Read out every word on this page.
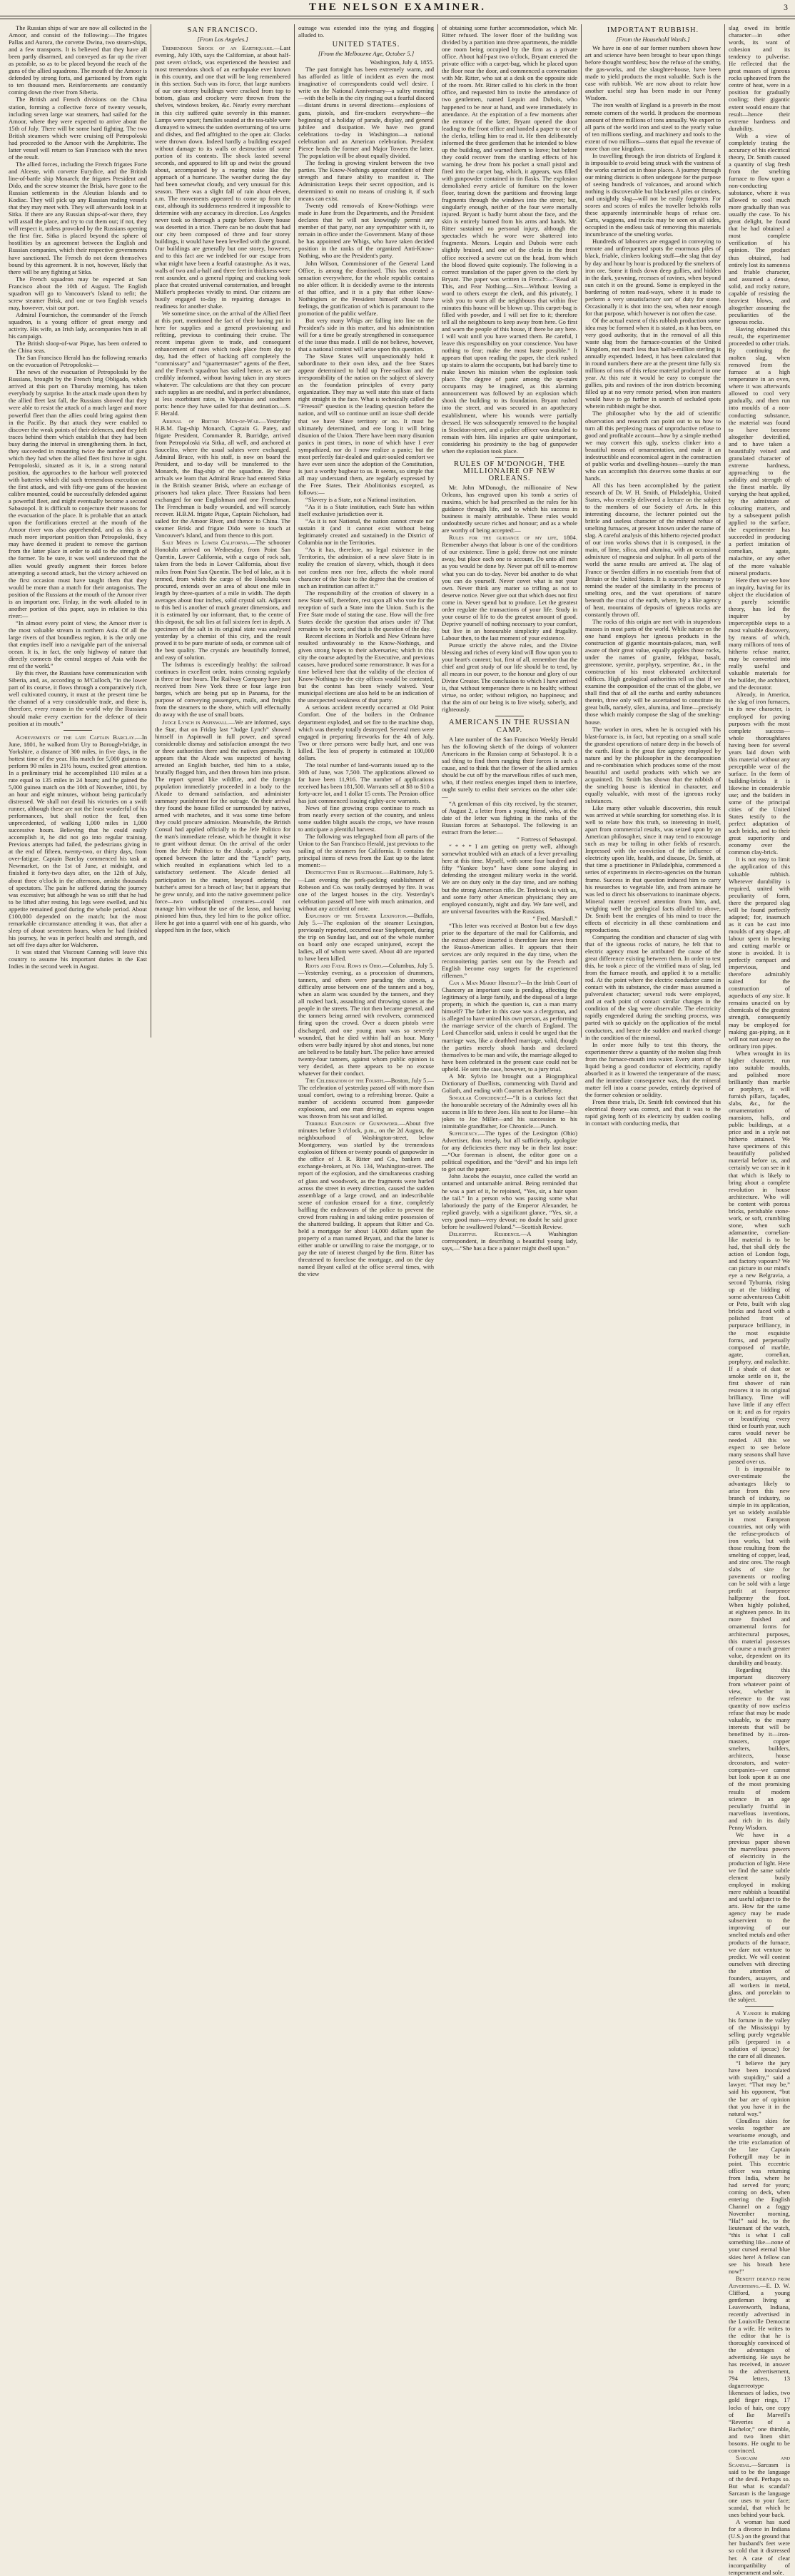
THE NELSON EXAMINER.	3

The Russian ships of war are now all collected in the Amoor, and consist of the following:—The frigates Pallas and Aurora, the corvette Dwina, two steam-ships, and a few transports. It is believed that they have all been partly disarmed, and conveyed as far up the river as possible, so as to be placed beyond the reach of the guns of the allied squadrons. The mouth of the Amoor is defended by strong forts, and garrisoned by from eight to ten thousand men. Reinforcements are constantly coming down the river from Siberia.

The British and French divisions on the China station, forming a collective force of twenty vessels, including seven large war steamers, had sailed for the Amoor, where they were expected to arrive about the 15th of July. There will be some hard fighting. The two British steamers which were cruising off Petropoloski had proceeded to the Amoor with the Amphitrite. The latter vessel will return to San Francisco with the news of the result.

The allied forces, including the French frigates Forte and Alceste, with corvette Eurydice, and the British line-of-battle ship Monarch; the frigates President and Dido, and the screw steamer the Brisk, have gone to the Russian settlements in the Aleutian Islands and to Kodiac. They will pick up any Russian trading vessels that they may meet with. They will afterwards look in at Sitka. If there are any Russian ships-of-war there, they will assail the place, and try to cut them out; if not, they will respect it, unless provoked by the Russians opening the first fire. Sitka is placed beyond the sphere of hostilities by an agreement between the English and Russian companies, which their respective governments have sanctioned. The French do not deem themselves bound by this agreement. It is not, however, likely that there will be any fighting at Sitka.

The French squadron may be expected at San Francisco about the 10th of August. The English squadron will go to Vancouver's Island to refit; the screw steamer Brisk, and one or two English vessels may, however, visit our port.

Admiral Fournichon, the commander of the French squadron, is a young officer of great energy and activity. His wife, an Irish lady, accompanies him in all his campaign.

The British sloop-of-war Pique, has been ordered to the China seas.

The San Francisco Herald has the following remarks on the evacuation of Petropoloski:—

The news of the evacuation of Petropoloski by the Russians, brought by the French brig Obligado, which arrived at this port on Thursday morning, has taken everybody by surprise. In the attack made upon them by the allied fleet last fall, the Russians showed that they were able to resist the attack of a much larger and more powerful fleet than the allies could bring against them in the Pacific. By that attack they were enabled to discover the weak points of their defences, and they left traces behind them which establish that they had been busy during the interval in strengthening them. In fact, they succeeded in mounting twice the number of guns which they had when the allied fleet first hove in sight. Petropoloski, situated as it is, in a strong natural position, the approaches to the harbour well protected with batteries which did such tremendous execution on the first attack, and with fifty-one guns of the heaviest calibre mounted, could be successfully defended against a powerful fleet, and might eventually become a second Sabastopol. It is difficult to conjecture their reasons for the evacuation of the place. It is probable that an attack upon the fortifications erected at the mouth of the Amoor river was also apprehended, and as this is a much more important position than Petropoloski, they may have deemed it prudent to remove the garrison from the latter place in order to add to the strength of the former. To be sure, it was well understood that the allies would greatly augment their forces before attempting a second attack, but the victory achieved on the first occasion must have taught them that they would be more than a match for their antagonists. The position of the Russians at the mouth of the Amoor river is an important one. Finlay, in the work alluded to in another portion of this paper, says in relation to this river:—

“In almost every point of view, the Amoor river is the most valuable stream in northern Asia. Of all the large rivers of that boundless region, it is the only one that empties itself into a navigable part of the universal ocean. It is, in fact, the only highway of nature that directly connects the central steppes of Asia with the rest of the world.”

By this river, the Russians have communication with Siberia, and, as, according to M'Culloch, “in the lower part of its course, it flows through a comparatively rich, well cultivated country, it must at the present time be the channel of a very considerable trade, and there is, therefore, every reason in the world why the Russians should make every exertion for the defence of their position at its mouth.”

Achievements of the late Captain Barclay.—In June, 1801, he walked from Ury to Borough-bridge, in Yorkshire, a distance of 300 miles, in five days, in the hottest time of the year. His match for 5,000 guineas to perform 90 miles in 21½ hours, excited great attention. In a preliminary trial he accomplished 110 miles at a rate equal to 135 miles in 24 hours; and he gained the 5,000 guinea match on the 10th of November, 1801, by an hour and eight minutes, without being particularly distressed. We shall not detail his victories on a swift runner, although these are not the least wonderful of his performances, but shall notice the feat, then unprecedented, of walking 1,000 miles in 1,000 successive hours. Believing that he could easily accomplish it, he did not go into regular training. Previous attempts had failed, the pedestrians giving in at the end of fifteen, twenty-two, or thirty days, from over-fatigue. Captain Barclay commenced his task at Newmarket, on the 1st of June, at midnight, and finished it forty-two days after, on the 12th of July, about three o'clock in the afternoon, amidst thousands of spectators. The pain he suffered during the journey was excessive; but although he was so stiff that he had to be lifted after resting, his legs were swelled, and his appetite remained good during the whole period. About £100,000 depended on the match; but the most remarkable circumstance attending it was, that after a sleep of about seventeen hours, when he had finished his journey, he was in perfect health and strength, and set off five days after for Walcheren.

It was stated that Viscount Canning will leave this country to assume his important duties in the East Indies in the second week in August.

SAN FRANCISCO.

[From Los Angeles.]

Tremendous Shock of an Earthquake.—Last evening, July 10th, says the Californian, at about half-past seven o'clock, was experienced the heaviest and most tremendous shock of an earthquake ever known in this country, and one that will be long remembered in this section. Such was its force, that large numbers of our one-storey buildings were cracked from top to bottom, glass and crockery were thrown from the shelves, windows broken, &c. Nearly every merchant in this city suffered quite severely in this manner. Lamps were upset; families seated at the tea-table were dismayed to witness the sudden overturning of tea urns and dishes, and fled affrighted to the open air. Clocks were thrown down. Indeed hardly a building escaped without damage to its walls or destruction of some portion of its contents. The shock lasted several seconds, and appeared to lift up and twist the ground about, accompanied by a roaring noise like the approach of a hurricane. The weather during the day had been somewhat cloudy, and very unusual for this season. There was a slight fall of rain about eleven, a.m. The movements appeared to come up from the east, although its suddenness rendered it impossible to determine with any accuracy its direction. Los Angeles never took so thorough a purge before. Every house was deserted in a trice. There can be no doubt that had our city been composed of three and four storey buildings, it would have been levelled with the ground. Our buildings are generally but one storey, however, and to this fact are we indebted for our escape from what might have been a fearful catastrophe. As it was, walls of two and a-half and three feet in thickness were rent asunder, and a general ripping and cracking took place that created universal consternation, and brought Müller's prophecies vividly to mind. Our citizens are busily engaged to-day in repairing damages in readiness for another shake.

We sometime since, on the arrival of the Allied fleet at this port, mentioned the fact of their having put in here for supplies and a general provisioning and refitting, previous to continuing their cruise. The recent impetus given to trade, and consequent enhancement of rates which took place from day to day, had the effect of backing off completely the “commissary” and “quartermaster” agents of the fleet, and the French squadron has sailed hence, as we are credibly informed, without having taken in any stores whatever. The calculations are that they can procure such supplies as are needful, and in perfect abundance, at less exorbitant rates, in Valparaiso and southern ports: hence they have sailed for that destination.—S. F. Herald.

Arrival of British Men-of-War.—Yesterday H.B.M. flag-ship Monarch, Captain G. Patey, and frigate President, Commander R. Burridge, arrived from Petropoloski via Sitka, all well, and anchored at Saucelito, where the usual salutes were exchanged. Admiral Bruce, with his staff, is now on board the President, and to-day will be transferred to the Monarch, the flag-ship of the squadron. By these arrivals we learn that Admiral Bruce had entered Sitka in the British steamer Brisk, where an exchange of prisoners had taken place. Three Russians had been exchanged for one Englishman and one Frenchman. The Frenchman is badly wounded, and will scarcely recover. H.B.M. frigate Pique, Captain Nicholson, had sailed for the Amoor River, and thence to China. The steamer Brisk and frigate Dido were to touch at Vancouver's Island, and from thence to this port.

Salt Mines in Lower California.—The schooner Honolulu arrived on Wednesday, from Point San Quentin, Lower California, with a cargo of rock salt, taken from the beds in Lower California, about five miles from Point San Quentin. The bed of lake, as it is termed, from which the cargo of the Honolulu was procured, extends over an area of about one mile in length by three-quarters of a mile in width. The depth averages about four inches, solid crystal salt. Adjacent to this bed is another of much greater dimensions, and it is estimated by our informant, that, to the centre of this deposit, the salt lies at full sixteen feet in depth. A specimen of the salt in its original state was analysed yesterday by a chemist of this city, and the result proved it to be pure muriate of soda, or common salt of the best quality. The crystals are beautifully formed, and easy of solution.

The Isthmus is exceedingly healthy: the railroad continues in excellent order, trains crossing regularly in three or four hours. The Railway Company have just received from New York three or four large iron barges, which are being put up in Panama, for the purpose of conveying passengers, mails, and freights from the steamers to the shore, which will effectually do away with the use of small boats.

Judge Lynch in Aspinwall.—We are informed, says the Star, that on Friday last “Judge Lynch” showed himself in Aspinwall in full power, and spread considerable dismay and satisfaction amongst the two or three authorities there and the natives generally. It appears that the Alcade was suspected of having arrested an English butcher, tied him to a stake, brutally flogged him, and then thrown him into prison. The report spread like wildfire, and the foreign population immediately proceeded in a body to the Alcade to demand satisfaction, and administer summary punishment for the outrage. On their arrival they found the house filled or surrounded by natives, armed with machetes, and it was some time before they could procure admission. Meanwhile, the British Consul had applied officially to the Jefe Politico for the man's immediate release, which he thought it wise to grant without demur. On the arrival of the order from the Jefe Politico to the Alcade, a parley was opened between the latter and the “Lynch” party, which resulted in explanations which led to a satisfactory settlement. The Alcade denied all participation in the matter, beyond ordering the butcher's arrest for a breach of law; but it appears that he grew unruly, and into the native government police force—two undisciplined creatures—could not manage him without the use of the lasso, and having pinioned him thus, they led him to the police office. Here he got into a quarrel with one of his guards, who slapped him in the face, which

outrage was extended into the tying and flogging alluded to.

UNITED STATES.

[From the Melbourne Age, October 5.]

Washington, July 4, 1855.

The past fortnight has been extremely warm, and has afforded as little of incident as even the most imaginative of correspondents could well desire. I write on the National Anniversary—a sultry morning—with the bells in the city ringing out a fearful discord—distant drums in several directions—explosions of guns, pistols, and fire-crackers everywhere—the beginning of a holiday of parade, display, and general jubilee and dissipation. We have two grand celebrations to-day in Washington—a national celebration and an American celebration. President Pierce heads the former and Major Towers the latter. The population will be about equally divided.

The feeling is growing virulent between the two parties. The Know-Nothings appear confident of their strength and future ability to manifest it. The Administration keeps their secret opposition, and is determined to omit no means of crushing it, if such means can exist.

Twenty odd removals of Know-Nothings were made in June from the Departments, and the President declares that he will not knowingly permit any member of that party, nor any sympathizer with it, to remain in office under the Government. Many of those he has appointed are Whigs, who have taken decided position in the ranks of the organized Anti-Know-Nothing, who are the President's party.

John Wilson, Commissioner of the General Land Office, is among the dismissed. This has created a sensation everywhere, for the whole republic contains no abler officer. It is decidedly averse to the interests of that office, and it is a pity that either Know-Nothingism or the President himself should have feelings, the gratification of which is paramount to the promotion of the public welfare.

But very many Whigs are falling into line on the President's side in this matter, and his administration will for a time be greatly strengthened in consequence of the issue thus made. I still do not believe, however, that a national contest will arise upon this question.

The Slave States will unquestionably hold it subordinate to their own idea, and the free States appear determined to hold up Free-soilism and the irresponsibility of the nation on the subject of slavery as the foundation principles of every party organization. They may as well state this state of facts right straight in the face. What is technically called the “Freesoil” question is the leading question before the nation, and will so continue until an issue shall decide that we have Slave territory or no. It must be ultimately determined, and ere long it will bring disunion of the Union. There have been many disunion panics in past times, in none of which have I ever sympathized, nor do I now realize a panic; but the most perfectly fair-dealed and quiet-souled comfort we have ever seen since the adoption of the Constitution, is just a worthy bugbear to us. It seems, so simple that all may understand them, are regularly expressed by the Free States. Their Abolitionists excepted, as follows:—

“Slavery is a State, not a National institution.

“As it is a State institution, each State has within itself exclusive jurisdiction over it.

“As it is not National, the nation cannot create nor sustain it (and it cannot exist without being legitimately created and sustained) in the District of Columbia nor in the Territories.

“As it has, therefore, no legal existence in the Territories, the admission of a new slave State is in reality the creation of slavery, which, though it does not confess men nor free, affects the whole moral character of the State to the degree that the creation of such an institution can affect it.”

The responsibility of the creation of slavery in a new State will, therefore, rest upon all who vote for the reception of such a State into the Union. Such is the Free State mode of stating the case. How will the free States decide the question that arises under it? That remains to be seen; and that is the question of the day.

Recent elections in Norfolk and New Orleans have resulted unfavourably to the Know-Nothings, and given strong hopes to their adversaries; which in this city the course adopted by the Executive, and previous causes, have produced some remonstrance. It was for a time believed here that the validity of the election of Know-Nothings to the city offices would be contested, but the contest has been wisely waived. Your municipal elections are also held to be an indication of the unexpected weakness of that party.

A serious accident recently occurred at Old Point Comfort. One of the boilers in the Ordnance department exploded, and set fire to the machine shop, which was thereby totally destroyed. Several men were engaged in preparing fireworks for the 4th of July. Two or three persons were badly hurt, and one was killed. The loss of property is estimated at 100,000 dollars.

The total number of land-warrants issued up to the 30th of June, was 7,500. The applications allowed so far have been 11,916. The number of applications received has been 181,500. Warrants sell at $8 to $10 a forty-acre lot, and 1 dollar 15 cents. The Pension office has just commenced issuing eighty-acre warrants.

News of fine growing crops continue to reach us from nearly every section of the country, and unless some sudden blight assails the crops, we have reason to anticipate a plentiful harvest.

The following was telegraphed from all parts of the Union to the San Francisco Herald, just previous to the sailing of the steamers for California. It contains the principal items of news from the East up to the latest moment:—

Destructive Fire in Baltimore.—Baltimore, July 5.—Last evening the pork-packing establishment of Robeson and Co. was totally destroyed by fire. It was one of the largest houses in the city. Yesterday's celebration passed off here with much animation, and without any accident of note.

Explosion of the Steamer Lexington.—Buffalo, July 5.—The explosion of the steamer Lexington, previously reported, occurred near Stephenport, during the trip on Sunday last, and out of the whole number on board only one escaped uninjured, except the ladies, all of whom were saved. About 40 are reported to have been killed.

Riots and Fatal Rows in Ohio.—Columbus, July 5.—Yesterday evening, as a procession of drummers, tanners, and others were parading the streets, a difficulty arose between one of the tanners and a boy, when an alarm was sounded by the tanners, and they all rushed back, assaulting and throwing stones at the people in the streets. The riot then became general, and the tanners being armed with revolvers, commenced firing upon the crowd. Over a dozen pistols were discharged, and one young man was so severely wounded, that he died within half an hour. Many others were badly injured by shot and stones, but none are believed to be fatally hurt. The police have arrested twenty-four tanners, against whom public opinion is very decided, as there appears to be no excuse whatever for their conduct.

The Celebration of the Fourth.—Boston, July 5.—The celebration of yesterday passed off with more than usual comfort, owing to a refreshing breeze. Quite a number of accidents occurred from gunpowder explosions, and one man driving an express wagon was thrown from his seat and killed.

Terrible Explosion of Gunpowder.—About five minutes before 3 o'clock, p.m., on the 2d August, the neighbourhood of Washington-street, below Montgomery, was startled by the tremendous explosion of fifteen or twenty pounds of gunpowder in the office of J. R. Ritter and Co., bankers and exchange-brokers, at No. 134, Washington-street. The report of the explosion, and the simultaneous crashing of glass and woodwork, as the fragments were hurled across the street in every direction, caused the sudden assemblage of a large crowd, and an indescribable scene of confusion ensued for a time, completely baffling the endeavours of the police to prevent the crowd from rushing in and taking entire possession of the shattered building. It appears that Ritter and Co. held a mortgage for about 14,000 dollars upon the property of a man named Bryant, and that the latter is either unable or unwilling to raise the mortgage, or to pay the rate of interest charged by the firm. Ritter has threatened to foreclose the mortgage, and on the day named Bryant called at the office several times, with the view

of obtaining some further accommodation, which Mr. Ritter refused. The lower floor of the building was divided by a partition into three apartments, the middle one room being occupied by the firm as a private office. About half-past two o'clock, Bryant entered the private office with a carpet-bag, which he placed upon the floor near the door, and commenced a conversation with Mr. Ritter, who sat at a desk on the opposite side of the room. Mr. Ritter called to his clerk in the front office, and requested him to invite the attendance of two gentlemen, named Lequin and Dubois, who happened to be near at hand, and were immediately in attendance. At the expiration of a few moments after the entrance of the latter, Bryant opened the door leading to the front office and handed a paper to one of the clerks, telling him to read it. He then deliberately informed the three gentlemen that he intended to blow up the building, and warned them to leave; but before they could recover from the startling effects of his warning, he drew from his pocket a small pistol and fired into the carpet bag, which, it appears, was filled with gunpowder contained in tin flasks. The explosion demolished every article of furniture on the lower floor, tearing down the partitions and throwing large fragments through the windows into the street; but, singularly enough, neither of the four were mortally injured. Bryant is badly burnt about the face, and the skin is entirely burned from his arms and hands. Mr. Ritter sustained no personal injury, although the spectacles which he wore were shattered into fragments. Messrs. Lequin and Dubois were each slightly bruised, and one of the clerks in the front office received a severe cut on the head, from which the blood flowed quite copiously. The following is a correct translation of the paper given to the clerk by Bryant. The paper was written in French:—“Read all This, and Fear Nothing.—Sirs—Without leaving a word to others except the clerk, and this privately, I wish you to warn all the neighbours that within five minutes this house will be blown up. This carpet-bag is filled with powder, and I will set fire to it; therefore tell all the neighbours to keep away from here. Go first and warn the people of this house, if there be any here. I will wait until you have warned them. Be careful, I leave this responsibility on your conscience. You have nothing to fear; make the most haste possible.” It appears that upon reading the paper, the clerk rushed up stairs to alarm the occupants, but had barely time to make known his mission when the explosion took place. The degree of panic among the up-stairs occupants may be imagined, as this alarming announcement was followed by an explosion which shook the building to its foundation. Bryant rushed into the street, and was secured in an apothecary establishment, where his wounds were partially dressed. He was subsequently removed to the hospital in Stockton-street, and a police officer was detailed to remain with him. His injuries are quite unimportant, considering his proximity to the bag of gunpowder when the explosion took place.

RULES OF M'DONOGH, THE MILLIONAIRE OF NEW ORLEANS.

Mr. John M'Donogh, the millionaire of New Orleans, has engraved upon his tomb a series of maxims, which he had prescribed as the rules for his guidance through life, and to which his success in business is mainly attributable. These rules would undoubtedly secure riches and honour; and as a whole are worthy of being accepted:—

Rules for the guidance of my life, 1804. Remember always that labour is one of the conditions of our existence. Time is gold; throw not one minute away, but place each one to account. Do unto all men as you would be done by. Never put off till to-morrow what you can do to-day. Never bid another to do what you can do yourself. Never covet what is not your own. Never think any matter so trifling as not to deserve notice. Never give out that which does not first come in. Never spend but to produce. Let the greatest order regulate the transactions of your life. Study in your course of life to do the greatest amount of good. Deprive yourself of nothing necessary to your comfort, but live in an honourable simplicity and frugality. Labour then, to the last moment of your existence.

Pursue strictly the above rules, and the Divine blessing and riches of every kind will flow upon you to your heart's content; but, first of all, remember that the chief and great study of our life should be to tend, by all means in our power, to the honour and glory of our Divine Creator. The conclusion to which I have arrived is, that without temperance there is no health; without virtue, no order; without religion, no happiness; and that the aim of our being is to live wisely, soberly, and righteously.

AMERICANS IN THE RUSSIAN CAMP.

A late number of the San Francisco Weekly Herald has the following sketch of the doings of volunteer Americans in the Russian camp at Sebastopol. It is a sad thing to find them ranging their forces in such a cause, and to think that the flower of the allied armies should be cut off by the marvellous rifles of such men, who, if their restless energies impel them to interfere, ought surely to enlist their services on the other side:—

“A gentleman of this city received, by the steamer, of August 2, a letter from a young friend, who, at the date of the letter was fighting in the ranks of the Russian forces at Sebastopol. The following is an extract from the letter:—

“ Fortress of Sebastopol.

“ * * * I am getting on pretty well, although somewhat troubled with an attack of a fever prevailing here at this time. Myself, with some four hundred and fifty “Yankee boys” have done some slaying in defending the strongest military works in the world. We are on duty only in the day time, and are nothing but the strong American rifle. Dr. Tenbrook is with us, and some forty other American physicians; they are employed constantly, night and day. We fare well, and are universal favourites with the Russians.

“ Fred. Marshall.”

“This letter was received at Boston but a few days prior to the departure of the mail for California, and the extract above inserted is therefore late news from the Russo-American allies. It appears that their services are only required in the day time, when the reconnoitering parties sent out by the French and English become easy targets for the experienced riflemen.”

Can a Man Marry Himself?—In the Irish Court of Chancery an important case is pending, affecting the legitimacy of a large family, and the disposal of a large property, in which the question is, can a man marry himself? The father in this case was a clergyman, and is alleged to have united his own person, as performing the marriage service of the church of England. The Lord Chancellor said, unless it could be urged that the marriage was, like a deathbed marriage, valid, though the parties merely shook hands and declared themselves to be man and wife, the marriage alleged to have been celebrated in the present case could not be upheld. He sent the case, however, to a jury trial.

A Mr. Sylvio Ire brought out a Biographical Dictionary of Duellists, commencing with David and Goliath, and ending with Cournet an Barthélemy.

Singular Coincidence!—“It is a curious fact that the honourable secretary of the Admiralty owes all his success in life to three Joes. His seat to Joe Hume—his jokes to Joe Miller—and his succession to his inimitable grandfather, Joe Chronicle.—Punch.

Sufficiency.—The types of the Lexington (Ohio) Advertiser, thus tersely, but all sufficiently, apologize for any deficiencies there may be in their last issue:—“Our foreman is absent, the editor gone on a political expedition, and the “devil” and his imps left to get out the paper.

John Jacobs the essayist, once called the world an untamed and untamable animal. Being reminded that he was a part of it, he rejoined, “Yes, sir, a hair upon the tail.” In a person who was passing some what laboriously the patty of the Emperor Alexander, he replied gravely, with a significant glance, “Yes, sir, a very good man—very devout; no doubt he said grace before he swallowed Poland.”—Scottish Review.

Delightful Residence.—A Washington correspondent, in describing a beautiful young lady, says,—“She has a face a painter might dwell upon.”

IMPORTANT RUBBISH.

[From the Household Words.]

We have in one of our former numbers shown how art and science have been brought to bear upon things before thought worthless; how the refuse of the smithy, the gas-works, and the slaughter-house, have been made to yield products the most valuable. Such is the case with rubbish. We are now about to relate how another useful step has been made in our Penny Wisdom.

The iron wealth of England is a proverb in the most remote corners of the world. It produces the enormous amount of three millions of tons annually. We export to all parts of the world iron and steel to the yearly value of ten millions sterling, and machinery and tools to the extent of two millions—sums that equal the revenue of more than one kingdom.

In travelling through the iron districts of England it is impossible to avoid being struck with the vastness of the works carried on in those places. A journey through our mining districts is often undergone for the purpose of seeing hundreds of volcanoes, and around which nothing is discoverable but blackened piles or cinders, and unsightly slag—will not be easily forgotten. For scores and scores of miles the traveller beholds rolls these apparently interminable heaps of refuse ore. Carts, waggons, and trucks may be seen on all sides, occupied in the endless task of removing this materials incumbrance of the smelting works.

Hundreds of labourers are engaged in conveying to remote and unfrequented spots the enormous piles of black, friable, clinkers looking stuff—the slag that day by day and hour by hour is produced by the smelters of iron ore. Some it finds down deep gullies, and hidden in the dark, yawning, recesses of ravines, when beyond sun catch it on the ground. Some is employed in the bordering of rotten road-ways, where it is made to perform a very unsatisfactory sort of duty for stone. Occasionally it is shot into the sea, when near enough for that purpose, which however is not often the case.

Of the actual extent of this rubbish production some idea may be formed when it is stated, as it has been, on very good authority, that in the removal of all this waste slag from the furnace-counties of the United Kingdom, not much less than half-a-million sterling is annually expended. Indeed, it has been calculated that in round numbers there are at the present time fully six millions of tons of this refuse material produced in one year. At this rate it would be easy to compute the gullies, pits and ravines of the iron districts becoming filled up at no very remote period, when iron masters would have to go further in search of secluded spots wherein rubbish might be shot.

The philosopher who by the aid of scientific observation and research can point out to us how to turn all this perplexing mass of unproductive refuse to good and profitable account—how by a simple method we may convert this ugly, useless clinker into a beautiful means of ornamentation, and make it an indestructible and economical agent in the construction of public works and dwelling-houses—surely the man who can accomplish this deserves some thanks at our hands.

All this has been accomplished by the patient research of Dr. W. H. Smith, of Philadelphia, United States, who recently delivered a lecture on the subject to the members of our Society of Arts. In this interesting discourse, the lecturer pointed out the brittle and useless character of the mineral refuse of smelting furnaces, at present known under the name of slag. A careful analysis of this hitherto rejected product of our iron works shows that it is composed, in the main, of lime, silica, and alumina, with an occasional admixture of magnesia and sulphur. In all parts of the world the same results are arrived at. The slag of France or Sweden differs in no essentials from that of Britain or the United States. It is scarcely necessary to remind the reader of the similarity in the process of smelting ores, and the vast operations of nature beneath the crust of the earth, where, by a like agency of heat, mountains of deposits of igneous rocks are constantly thrown off.

The rocks of this origin are met with in stupendous masses in most parts of the world. While nature on the one hand employs her igneous products in the construction of gigantic mountain-palaces, man, well aware of their great value, equally applies those rocks, under the names of granite, feldspar, basalt, greenstone, syenite, porphyry, serpentine, &c., in the construction of his most elaborated architectural edifices. High geological authorities tell us that if we examine the composition of the crust of the globe, we shall find that of all the earths and earthy substances therein, three only will be ascertained to constitute its great bulk, namely, silex, alumina, and lime—precisely those which mainly compose the slag of the smelting-house.

The worker in ores, when he is occupied with his blast-furnace is, in fact, but repeating on a small scale the grandest operations of nature deep in the bowels of the earth. Heat is the great fire agency employed by nature and by the philosopher in the decomposition and re-combination which produces some of the most beautiful and useful products with which we are acquainted. Dr. Smith has shown that the rubbish of the smelting house is identical in character, and equally valuable, with most of the igneous rocky substances.

Like many other valuable discoveries, this result was arrived at while searching for something else. It is well to relate how this truth, so interesting in itself, apart from commercial results, was seized upon by an American philosopher, since it may tend to encourage such as may be toiling in other fields of research. Impressed with the conviction of the influence of electricity upon life, health, and disease, Dr. Smith, at that time a practitioner in Philadelphia, commenced a series of experiments in electro-agencies on the human frame. Success in that question induced him to carry his researches to vegetable life, and from animate he was led to direct his observations to inanimate objects. Mineral matter received attention from him, and, weighing well the geological facts alluded to above, Dr. Smith bent the energies of his mind to trace the effects of electricity in all these combinations and reproductions.

Comparing the condition and character of slag with that of the igneous rocks of nature, he felt that to electric agency must be attributed the cause of the great difference existing between them. In order to test this, he took a piece of the vitrified mass of slag, led from the furnace mouth, and applied it to a metallic rod. At the point where the electric conductor came in contact with its substance, the cinder mass assumed a pulverulent character; several rods were employed, and at each point of contact similar changes in the condition of the slag were observable. The electricity rapidly engendered during the smelting process, was parted with so quickly on the application of the metal conductors, and hence the sudden and marked change in the condition of the mineral.

In order more fully to test this theory, the experimenter threw a quantity of the molten slag fresh from the furnace-mouth into water. Every atom of the liquid being a good conductor of electricity, rapidly absorbed it as it lowered the temperature of the mass; and the immediate consequence was, that the mineral matter fell into a coarse powder, entirely deprived of the former cohesion or solidity.

From these trials, Dr. Smith felt convinced that his electrical theory was correct, and that it was to the rapid giving forth of its electricity by sudden cooling in contact with conducting media, that

slag owed its brittle character—in other words, its want of cohesion and its tendency to pulverise. He reflected that the great masses of igneous rocks upheaved from the centre of heat, were in a position for gradually cooling; their gigantic extent would ensure that result—hence their extreme hardness and durability.

With a view of completely testing the accuracy of his electrical theory, Dr. Smith caused a quantity of slag fresh from the smelting furnace to flow upon a non-conducting substance, where it was allowed to cool much more gradually than was usually the case. To his great delight, he found that he had obtained a most complete verification of his opinion. The product thus obtained, had entirely lost its sameness and friable character, and assumed a dense, solid, and rocky nature, capable of resisting the heaviest blows, and altogether assuming the peculiarities of the igneous rocks.

Having obtained this result, the experimenter proceeded to other trials. By continuing the molten slag, when removed from the furnace at a high temperature in an oven, where it was afterwards allowed to cool very gradually, and then run into moulds of a non-conducting substance, the material was found to have become altogether devitrified, and to have taken a beautifully veined and granulated character of extreme hardness, approaching to the solidity and strength of the finest marble. By varying the heat applied, by the admixture of colouring matters, and by a subsequent polish applied to the surface, the experimenter has succeeded in producing a perfect imitation of cornelian, agate, malachite, or any other of the more valuable mineral products.

Here then we see how an inquiry, having for its object the elucidation of a purely scientific theory, has led the inquirer by imperceptible steps to a most valuable discovery, by means of which, many millions of tons of hitherto refuse matter, may be converted into really useful and valuable materials for the builder, the architect, and the decorator.

Already, in America, the slag of iron furnaces, in its new character, is employed for paving purposes with the most complete success—whole thoroughfares having been for several years laid down with this material without any perceptible wear of the surface. In the form of building-bricks it is likewise in considerable use; and the builders in some of the principal cities of the United States testify to the perfect adaptation of such bricks, and to their great superiority and economy over the common clay-brick.

It is not easy to limit the application of this valuable rubbish. Wherever durability is required, united with peculiarity of form, there the prepared slag will be found perfectly adapted; for, inasmuch as it can be cast into moulds of any shape, all labour spent in hewing and cutting marble or stone is avoided. It is perfectly compact and impervious, and therefore admirably suited for the construction of aqueducts of any size. It remains unacted on by chemicals of the greatest strength, consequently may be employed for making gas-piping, as it will not rust away on the ordinary iron pipes.

When wrought in its higher character, run into suitable moulds, and polished more brilliantly than marble or porphyry, it will furnish pillars, façades, slabs, &c., for the ornamentation of mansions, halls, and public buildings, at a price and in a style not hitherto attained. We have specimens of this beautifully polished material before us, and certainly we can see in it that which is likely to bring about a complete revolution in house architecture. Who will be content with porous bricks, perishable stone-work, or soft, crumbling stone, when such adamantine, cornelian-like material is to be had, that shall defy the action of London fogs, and factory vapours? We can picture in our mind's eye a new Belgravia, a second Tyburnia, rising up at the bidding of some adventurous Cubitt or Peto, built with slag bricks and faced with a polished front of purpurace brilliancy, in the most exquisite forms, and perpetually composed of marble, agate, cornelian, porphyry, and malachite. If a shade of dust or smoke settle on it, the first shower of rain restores it to its original brilliancy. Time will have little if any effect on it; and as for repairs or beautifying every third or fourth year, such cares would never be needed. All this we expect to see before many seasons shall have passed over us.

It is impossible to over-estimate the advantages likely to arise from this new branch of industry, so simple in its application, yet so widely available in most European countries, not only with the refuse-products of iron works, but with those resulting from the smelting of copper, lead, and zinc ores. The rough slabs of size for pavements or roofing can be sold with a large profit at fourpence halfpenny the foot. When highly polished, at eighteen pence. In its more finished and ornamental forms for architectural purposes, this material possesses of course a much greater value, dependent on its durability and beauty.

Regarding this important discovery from whatever point of view, whether in reference to the vast quantity of now useless refuse that may be made valuable, to the many interests that will be benefitted by it—iron-masters, copper smelters, builders, architects, house decorators, and water-companies—we cannot but look upon it as one of the most promising results of modern science in an age peculiarly fruitful in marvellous inventions, and rich in its daily Penny Wisdom.

We have in a previous paper shown the marvellous powers of electricity in the production of light. Here we find the same subtle element busily employed in making mere rubbish a beautiful and useful adjunct to the arts. How far the same agency may be made subservient to the improving of our smelted metals and other products of the furnace, we dare not venture to predict. We will content ourselves with directing the attention of founders, assayers, and all workers in metal, glass, and porcelain to the subject.

A Yankee is making his fortune in the valley of the Mississippi by selling purely vegetable pills (prepared in a solution of ipecac) for the cure of all diseases.

“I believe the jury have been inoculated with stupidity,” said a lawyer. “That may be,” said his opponent, “but the bar are of opinion that you have it in the natural way.”

Cloudless skies for weeks together are wearisome enough, and the trite exclamation of the late Captain Fothergill may be in point. This eccentric officer was returning from India, where he had served for years; coming on deck, when entering the English Channel on a foggy November morning, “Ha!” said he, to the lieutenant of the watch, “this is what I call something like—none of your cursed eternal blue skies here! A fellow can see his breath here now!”

Benefit derived from Advertising.—E. D. W. Clifford, a young gentleman living at Leavenworth, Indiana, recently advertised in the Louisville Democrat for a wife. He writes to the editor that he is thoroughly convinced of the advantages of advertising. He says he has received, in answer to the advertisement, 794 letters, 13 daguerreotype likenesses of ladies, two gold finger rings, 17 locks of hair, one copy of Ike Marvell's “Reveries of a Bachelor,” one thimble, and two linen shirt bosoms. He ought to be convinced.

Sarcasm and Scandal.—Sarcasm is said to be the language of the devil. Perhaps so. But what is scandal? Sarcasm is the language one uses to your face; scandal, that which he uses behind your back.

A woman has sued for a divorce in Indiana (U.S.) on the ground that her husband's feet were so cold that it distressed her. A case of clear incompatibility of temperament and sole.
